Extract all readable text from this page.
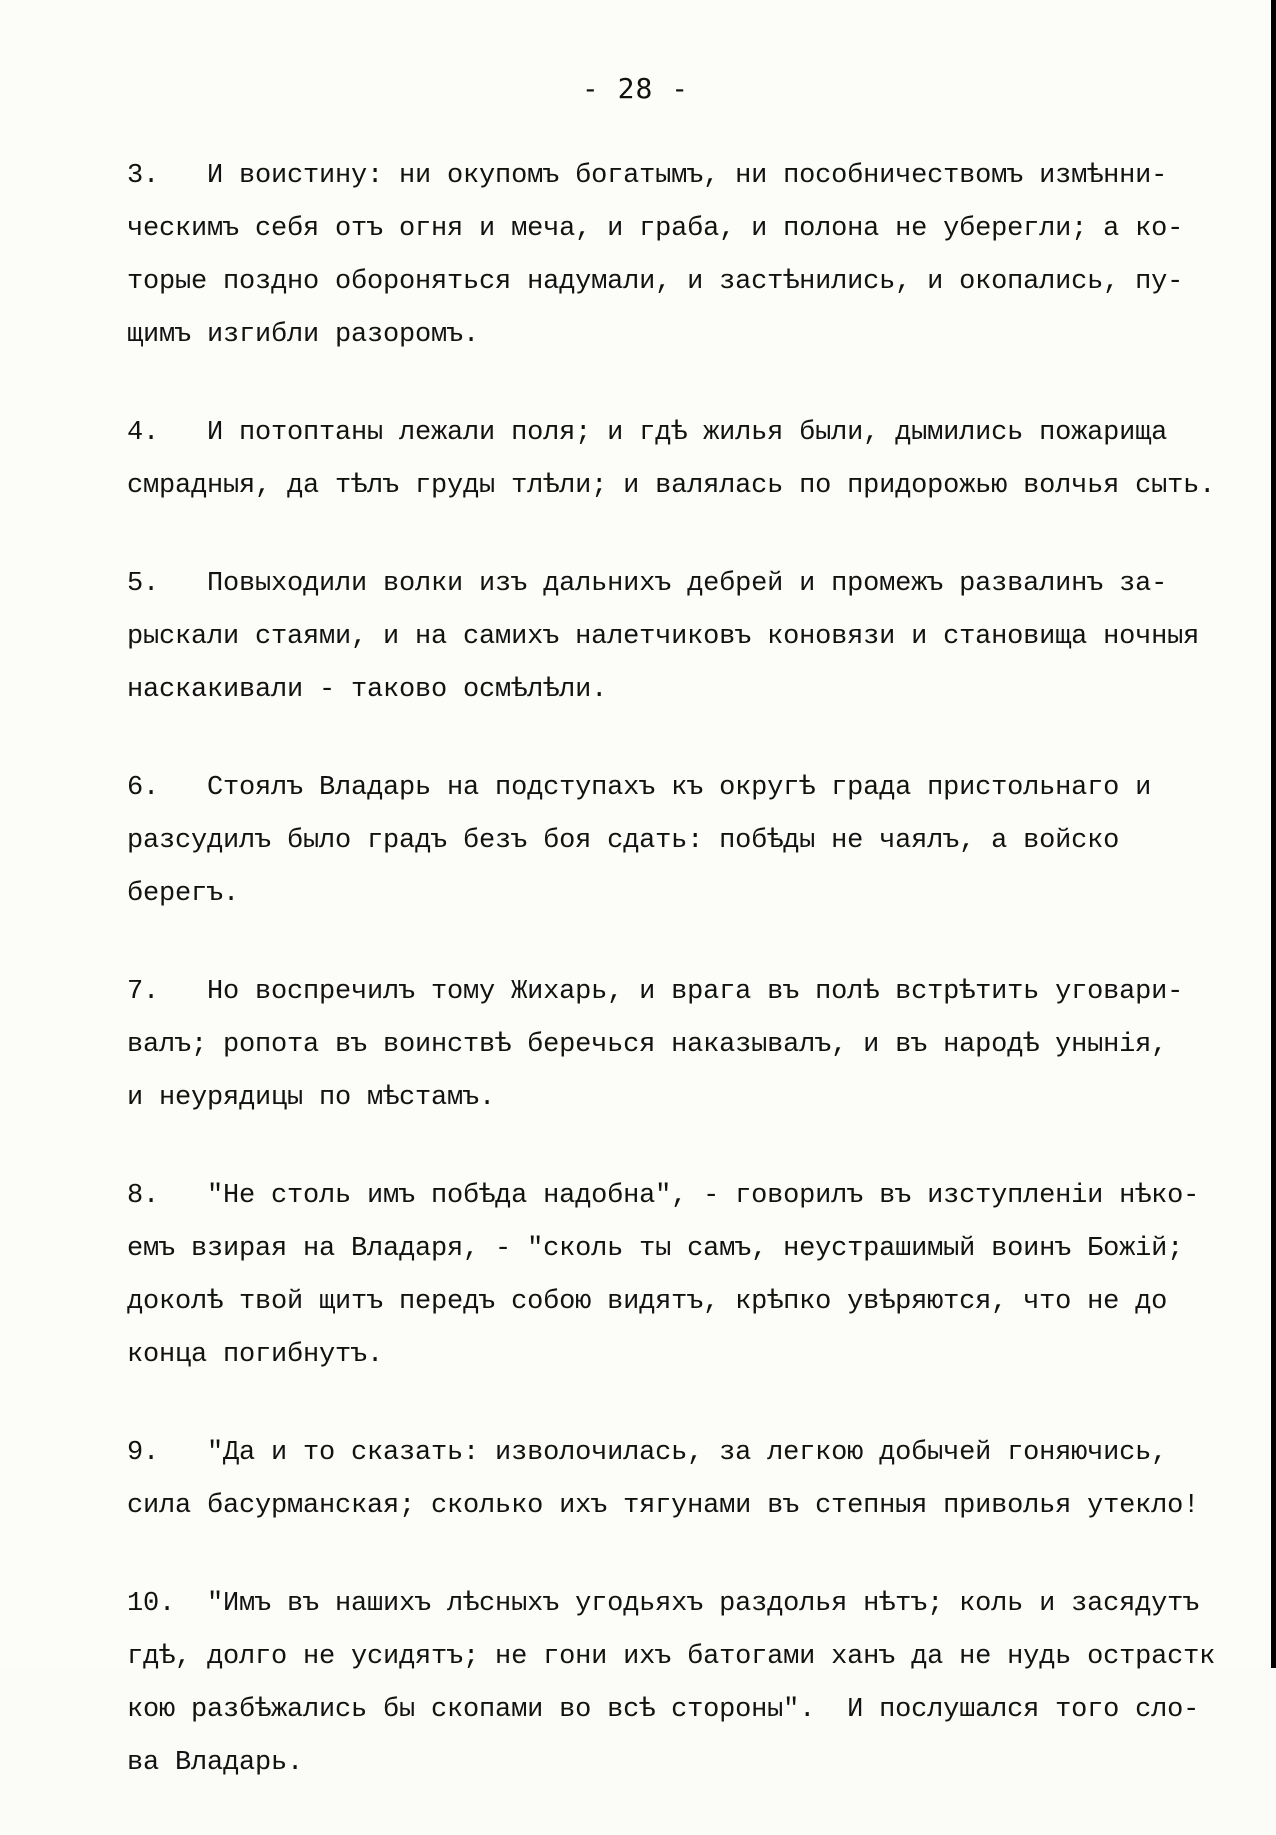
- 28 -
3.   И воистину: ни окупомъ богатымъ, ни пособничествомъ измѣнни-
ческимъ себя отъ огня и меча, и граба, и полона не уберегли; а ко-
торые поздно обороняться надумали, и застѣнились, и окопались, пу-
щимъ изгибли разоромъ.
4.   И потоптаны лежали поля; и гдѣ жилья были, дымились пожарища
смрадныя, да тѣлъ груды тлѣли; и валялась по придорожью волчья сыть.
5.   Повыходили волки изъ дальнихъ дебрей и промежъ развалинъ за-
рыскали стаями, и на самихъ налетчиковъ коновязи и становища ночныя
наскакивали - таково осмѣлѣли.
6.   Стоялъ Владарь на подступахъ къ округѣ града пристольнаго и
разсудилъ было градъ безъ боя сдать: побѣды не чаялъ, а войско
берегъ.
7.   Но воспречилъ тому Жихарь, и врага въ полѣ встрѣтить уговари-
валъ; ропота въ воинствѣ беречься наказывалъ, и въ народѣ унынія,
и неурядицы по мѣстамъ.
8.   "Не столь имъ побѣда надобна", - говорилъ въ изступленіи нѣко-
емъ взирая на Владаря, - "сколь ты самъ, неустрашимый воинъ Божій;
доколѣ твой щитъ передъ собою видятъ, крѣпко увѣряются, что не до
конца погибнутъ.
9.   "Да и то сказать: изволочилась, за легкою добычей гоняючись,
сила басурманская; сколько ихъ тягунами въ степныя приволья утекло!
10.  "Имъ въ нашихъ лѣсныхъ угодьяхъ раздолья нѣтъ; коль и засядутъ
гдѣ, долго не усидятъ; не гони ихъ батогами ханъ да не нудь острастк
кою разбѣжались бы скопами во всѣ стороны".  И послушался того сло-
ва Владарь.
